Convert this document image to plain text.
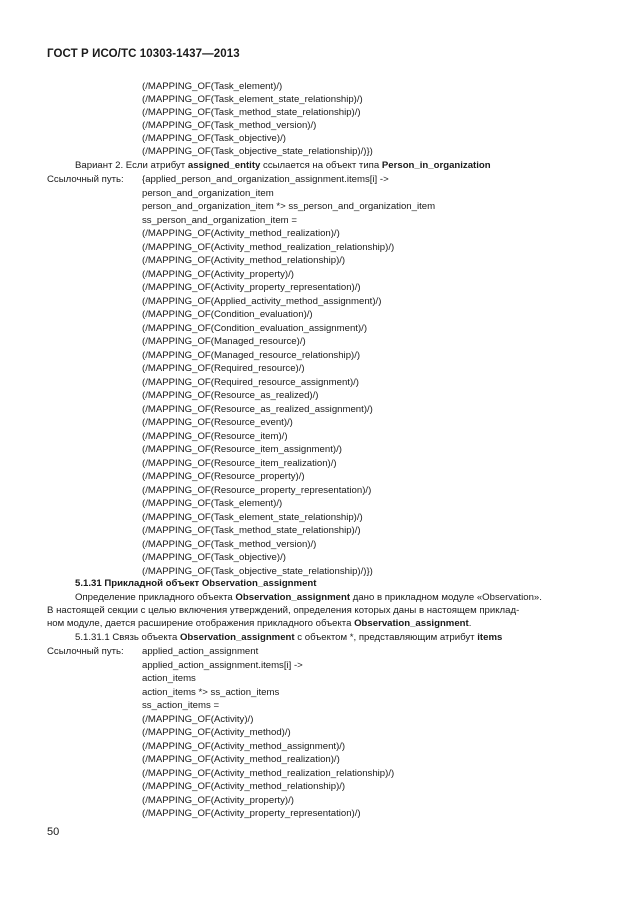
ГОСТ Р ИСО/ТС 10303-1437—2013
(/MAPPING_OF(Task_element)/)
(/MAPPING_OF(Task_element_state_relationship)/)
(/MAPPING_OF(Task_method_state_relationship)/)
(/MAPPING_OF(Task_method_version)/)
(/MAPPING_OF(Task_objective)/)
(/MAPPING_OF(Task_objective_state_relationship)/)})
Вариант 2. Если атрибут assigned_entity ссылается на объект типа Person_in_organization
Ссылочный путь: {applied_person_and_organization_assignment.items[i] ->
person_and_organization_item
person_and_organization_item *> ss_person_and_organization_item
ss_person_and_organization_item =
(/MAPPING_OF(Activity_method_realization)/)
(/MAPPING_OF(Activity_method_realization_relationship)/)
(/MAPPING_OF(Activity_method_relationship)/)
(/MAPPING_OF(Activity_property)/)
(/MAPPING_OF(Activity_property_representation)/)
(/MAPPING_OF(Applied_activity_method_assignment)/)
(/MAPPING_OF(Condition_evaluation)/)
(/MAPPING_OF(Condition_evaluation_assignment)/)
(/MAPPING_OF(Managed_resource)/)
(/MAPPING_OF(Managed_resource_relationship)/)
(/MAPPING_OF(Required_resource)/)
(/MAPPING_OF(Required_resource_assignment)/)
(/MAPPING_OF(Resource_as_realized)/)
(/MAPPING_OF(Resource_as_realized_assignment)/)
(/MAPPING_OF(Resource_event)/)
(/MAPPING_OF(Resource_item)/)
(/MAPPING_OF(Resource_item_assignment)/)
(/MAPPING_OF(Resource_item_realization)/)
(/MAPPING_OF(Resource_property)/)
(/MAPPING_OF(Resource_property_representation)/)
(/MAPPING_OF(Task_element)/)
(/MAPPING_OF(Task_element_state_relationship)/)
(/MAPPING_OF(Task_method_state_relationship)/)
(/MAPPING_OF(Task_method_version)/)
(/MAPPING_OF(Task_objective)/)
(/MAPPING_OF(Task_objective_state_relationship)/)})
5.1.31 Прикладной объект Observation_assignment
Определение прикладного объекта Observation_assignment дано в прикладном модуле «Observation».
В настоящей секции с целью включения утверждений, определения которых даны в настоящем приклад-
ном модуле, дается расширение отображения прикладного объекта Observation_assignment.
5.1.31.1 Связь объекта Observation_assignment с объектом *, представляющим атрибут items
Ссылочный путь: applied_action_assignment
applied_action_assignment.items[i] ->
action_items
action_items *> ss_action_items
ss_action_items =
(/MAPPING_OF(Activity)/)
(/MAPPING_OF(Activity_method)/)
(/MAPPING_OF(Activity_method_assignment)/)
(/MAPPING_OF(Activity_method_realization)/)
(/MAPPING_OF(Activity_method_realization_relationship)/)
(/MAPPING_OF(Activity_method_relationship)/)
(/MAPPING_OF(Activity_property)/)
(/MAPPING_OF(Activity_property_representation)/)
50
